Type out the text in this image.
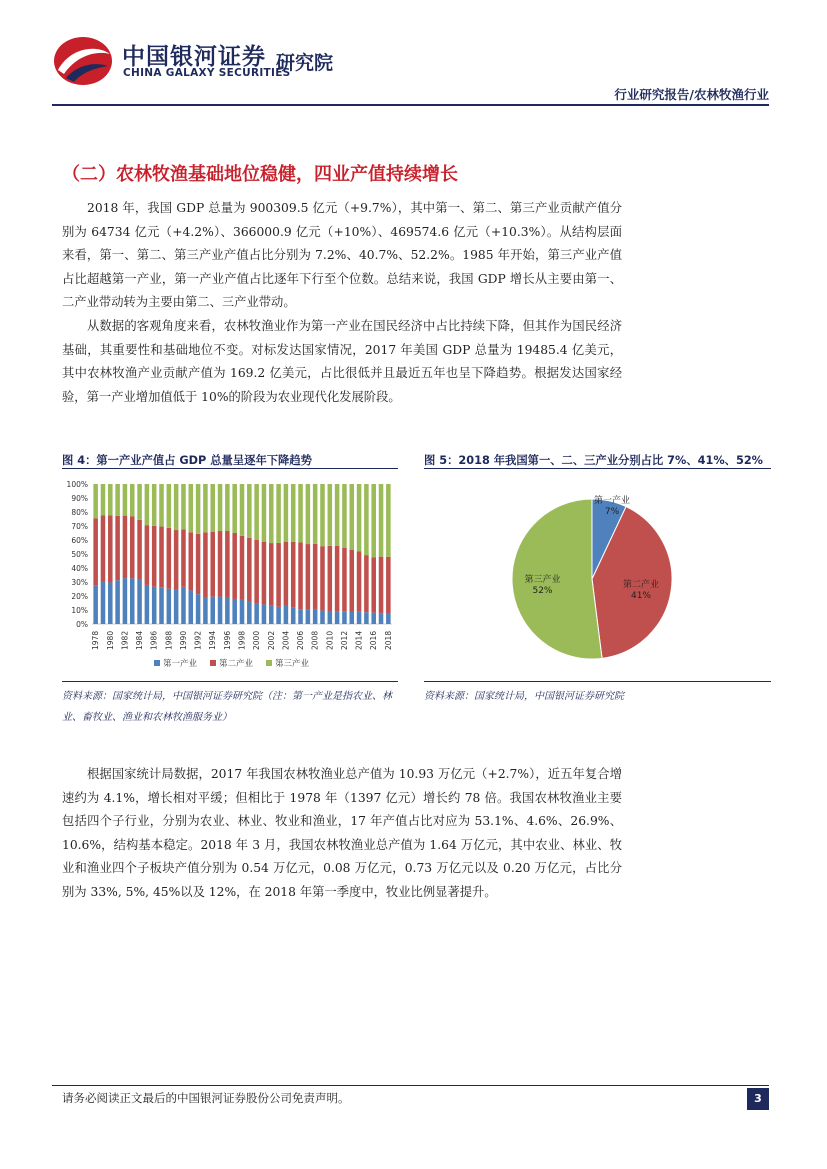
中国银河证券
CHINA GALAXY SECURITIES
研究院
行业研究报告/农林牧渔行业
（二）农林牧渔基础地位稳健，四业产值持续增长
2018 年，我国 GDP 总量为 900309.5 亿元（+9.7%），其中第一、第二、第三产业贡献产值分别为 64734 亿元（+4.2%）、366000.9 亿元（+10%）、469574.6 亿元（+10.3%）。从结构层面来看，第一、第二、第三产业产值占比分别为 7.2%、40.7%、52.2%。1985 年开始，第三产业产值占比超越第一产业，第一产业产值占比逐年下行至个位数。总结来说，我国 GDP 增长从主要由第一、二产业带动转为主要由第二、三产业带动。
从数据的客观角度来看，农林牧渔业作为第一产业在国民经济中占比持续下降，但其作为国民经济基础，其重要性和基础地位不变。对标发达国家情况，2017 年美国 GDP 总量为 19485.4 亿美元，其中农林牧渔产业贡献产值为 169.2 亿美元，占比很低并且最近五年也呈下降趋势。根据发达国家经验，第一产业增加值低于 10%的阶段为农业现代化发展阶段。
图 4：第一产业产值占 GDP 总量呈逐年下降趋势
0%
10%
20%
30%
40%
50%
60%
70%
80%
90%
100%
1978 1980 1982 1984 1986 1988 1990 1992 1994 1996 1998 2000 2002 2004 2006 2008 2010 2012 2014 2016 2018
第一产业	第二产业	第三产业
资料来源：国家统计局，中国银河证券研究院（注：第一产业是指农业、林业、畜牧业、渔业和农林牧渔服务业）
图 5：2018 年我国第一、二、三产业分别占比 7%、41%、52%
第一产业
7%
第二产业
41%
第三产业
52%
资料来源：国家统计局，中国银河证券研究院
根据国家统计局数据，2017 年我国农林牧渔业总产值为 10.93 万亿元（+2.7%），近五年复合增速约为 4.1%，增长相对平缓；但相比于 1978 年（1397 亿元）增长约 78 倍。我国农林牧渔业主要包括四个子行业，分别为农业、林业、牧业和渔业，17 年产值占比对应为 53.1%、4.6%、26.9%、10.6%，结构基本稳定。2018 年 3 月，我国农林牧渔业总产值为 1.64 万亿元，其中农业、林业、牧业和渔业四个子板块产值分别为 0.54 万亿元，0.08 万亿元，0.73 万亿元以及 0.20 万亿元，占比分别为 33%, 5%, 45%以及 12%，在 2018 年第一季度中，牧业比例显著提升。
请务必阅读正文最后的中国银河证券股份公司免责声明。	3
